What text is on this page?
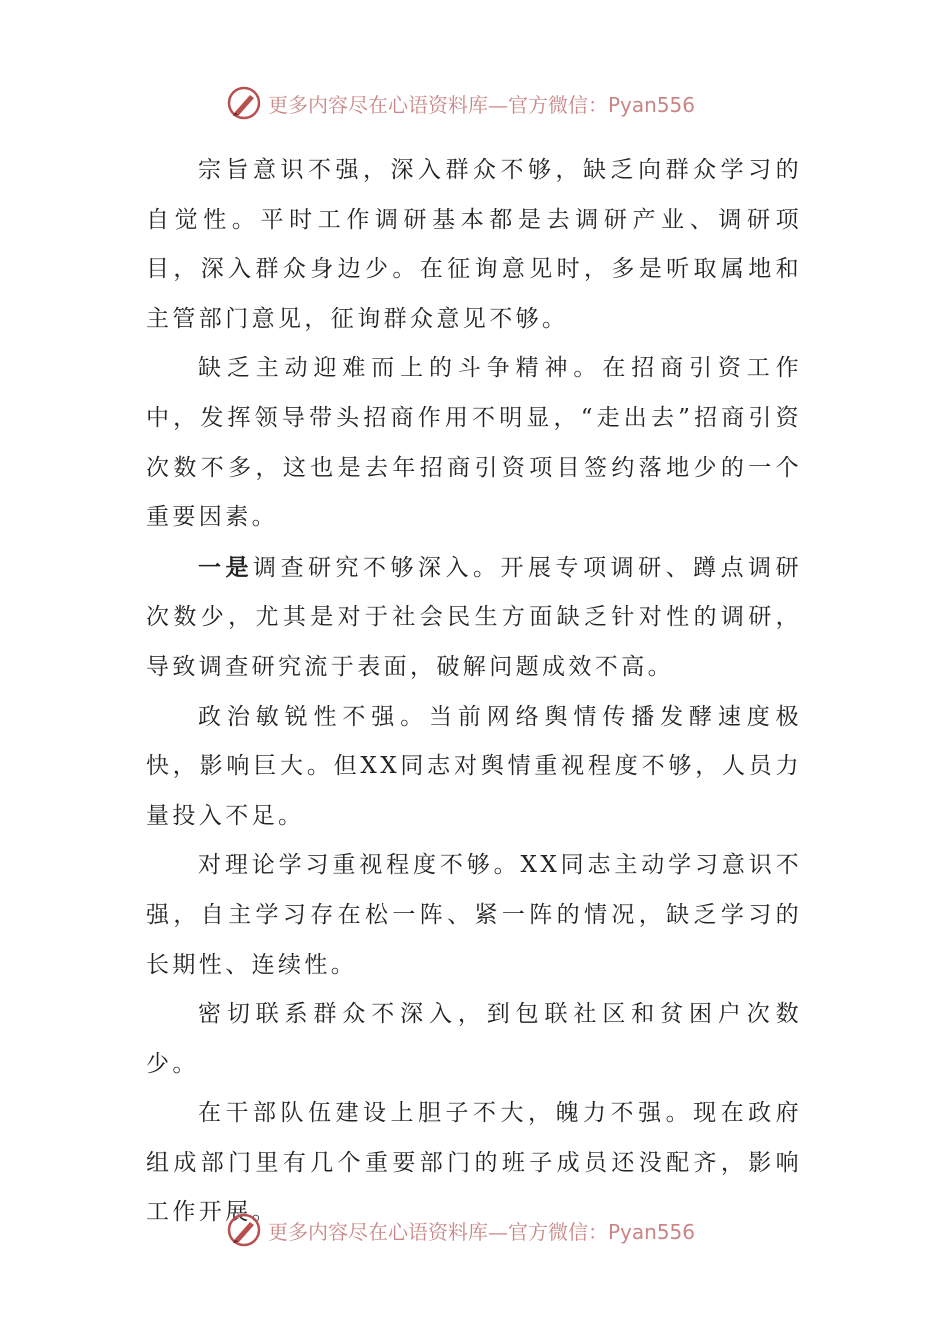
更多内容尽在心语资料库—官方微信：Pyan556

宗旨意识不强，深入群众不够，缺乏向群众学习的自觉性。平时工作调研基本都是去调研产业、调研项目，深入群众身边少。在征询意见时，多是听取属地和主管部门意见，征询群众意见不够。

缺乏主动迎难而上的斗争精神。在招商引资工作中，发挥领导带头招商作用不明显，“走出去”招商引资次数不多，这也是去年招商引资项目签约落地少的一个重要因素。

一是调查研究不够深入。开展专项调研、蹲点调研次数少，尤其是对于社会民生方面缺乏针对性的调研，导致调查研究流于表面，破解问题成效不高。

政治敏锐性不强。当前网络舆情传播发酵速度极快，影响巨大。但XX同志对舆情重视程度不够，人员力量投入不足。

对理论学习重视程度不够。XX同志主动学习意识不强，自主学习存在松一阵、紧一阵的情况，缺乏学习的长期性、连续性。

密切联系群众不深入，到包联社区和贫困户次数少。

在干部队伍建设上胆子不大，魄力不强。现在政府组成部门里有几个重要部门的班子成员还没配齐，影响工作开展。

更多内容尽在心语资料库—官方微信：Pyan556
